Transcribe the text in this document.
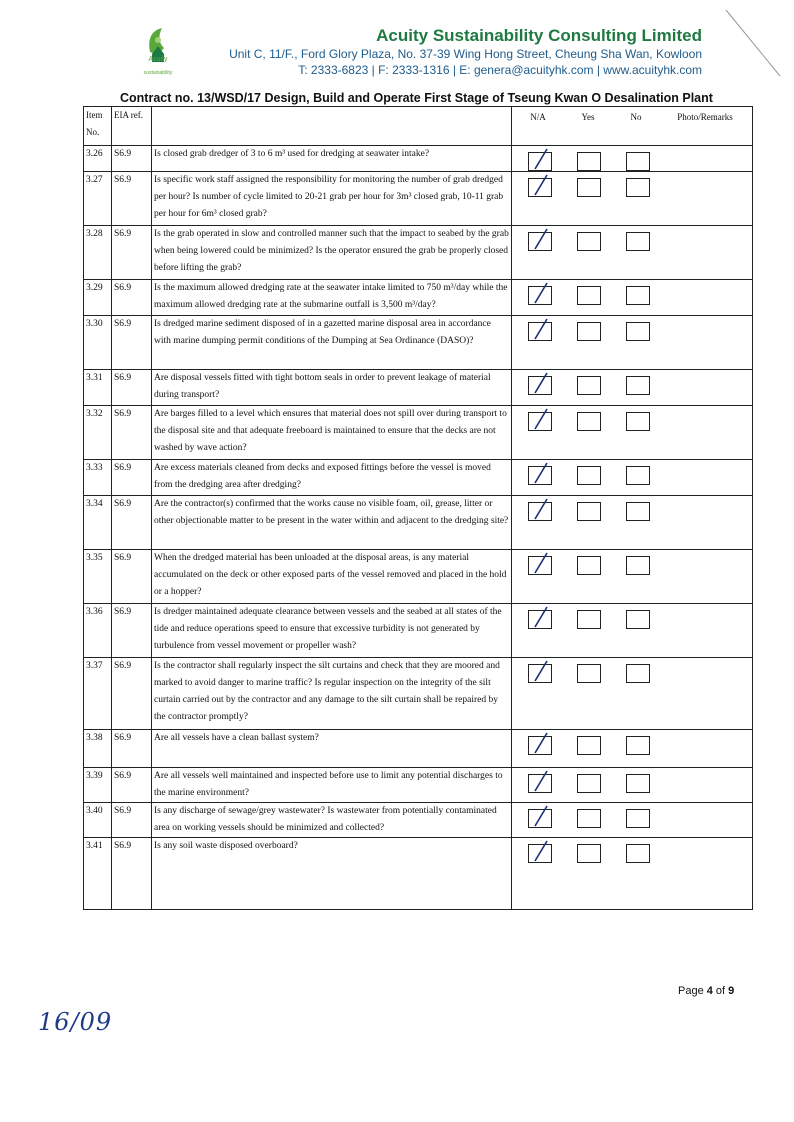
Acuity
sustainability
Acuity Sustainability Consulting Limited
Unit C, 11/F., Ford Glory Plaza, No. 37-39 Wing Hong Street, Cheung Sha Wan, Kowloon
T: 2333-6823 | F: 2333-1316 | E: genera@acuityhk.com | www.acuityhk.com
Contract no. 13/WSD/17 Design, Build and Operate First Stage of Tseung Kwan O Desalination Plant
Item No.	EIA ref.		N/A Yes No Photo/Remarks

3.26	S6.9	Is closed grab dredger of 3 to 6 m³ used for dredging at seawater intake?	

3.27	S6.9	Is specific work staff assigned the responsibility for monitoring the number of grab dredged per hour? Is number of cycle limited to 20-21 grab per hour for 3m³ closed grab, 10-11 grab per hour for 6m³ closed grab?	

3.28	S6.9	Is the grab operated in slow and controlled manner such that the impact to seabed by the grab when being lowered could be minimized? Is the operator ensured the grab be properly closed before lifting the grab?	

3.29	S6.9	Is the maximum allowed dredging rate at the seawater intake limited to 750 m³/day while the maximum allowed dredging rate at the submarine outfall is 3,500 m³/day?	

3.30	S6.9	Is dredged marine sediment disposed of in a gazetted marine disposal area in accordance with marine dumping permit conditions of the Dumping at Sea Ordinance (DASO)?	

3.31	S6.9	Are disposal vessels fitted with tight bottom seals in order to prevent leakage of material during transport?	

3.32	S6.9	Are barges filled to a level which ensures that material does not spill over during transport to the disposal site and that adequate freeboard is maintained to ensure that the decks are not washed by wave action?	

3.33	S6.9	Are excess materials cleaned from decks and exposed fittings before the vessel is moved from the dredging area after dredging?	

3.34	S6.9	Are the contractor(s) confirmed that the works cause no visible foam, oil, grease, litter or other objectionable matter to be present in the water within and adjacent to the dredging site?	

3.35	S6.9	When the dredged material has been unloaded at the disposal areas, is any material accumulated on the deck or other exposed parts of the vessel removed and placed in the hold or a hopper?	

3.36	S6.9	Is dredger maintained adequate clearance between vessels and the seabed at all states of the tide and reduce operations speed to ensure that excessive turbidity is not generated by turbulence from vessel movement or propeller wash?	

3.37	S6.9	Is the contractor shall regularly inspect the silt curtains and check that they are moored and marked to avoid danger to marine traffic? Is regular inspection on the integrity of the silt curtain carried out by the contractor and any damage to the silt curtain shall be repaired by the contractor promptly?	

3.38	S6.9	Are all vessels have a clean ballast system?	

3.39	S6.9	Are all vessels well maintained and inspected before use to limit any potential discharges to the marine environment?	

3.40	S6.9	Is any discharge of sewage/grey wastewater? Is wastewater from potentially contaminated area on working vessels should be minimized and collected?	

3.41	S6.9	Is any soil waste disposed overboard?	
Page 4 of 9
16/09
